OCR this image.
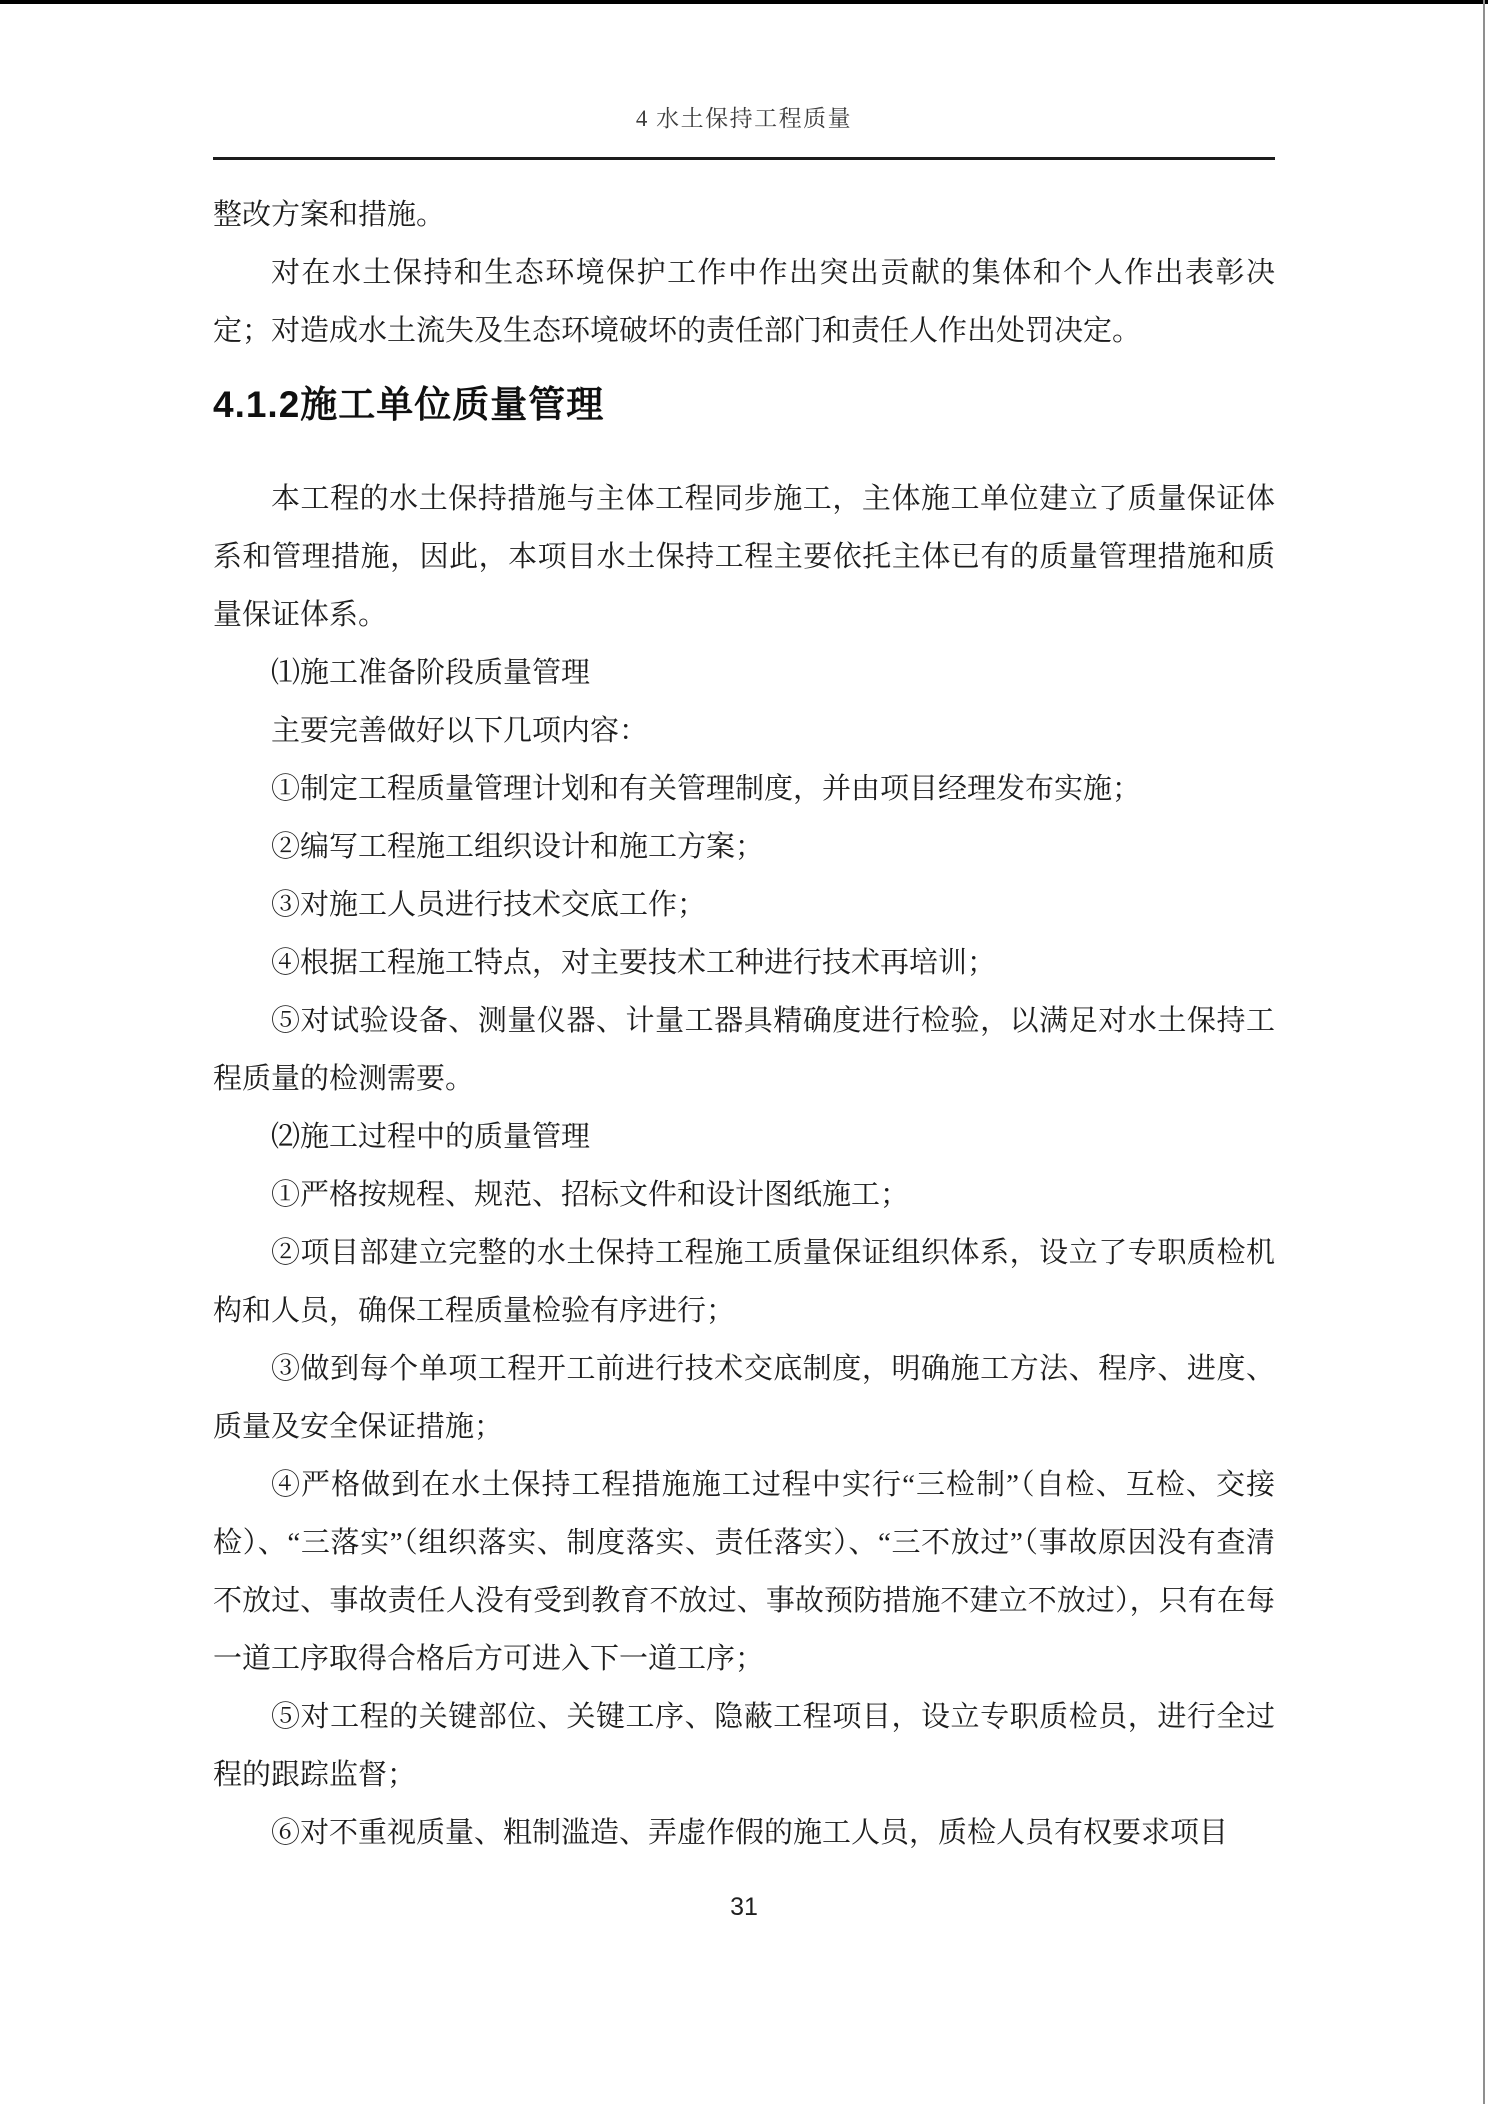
4 水土保持工程质量

整改方案和措施。

对在水土保持和生态环境保护工作中作出突出贡献的集体和个人作出表彰决定；对造成水土流失及生态环境破坏的责任部门和责任人作出处罚决定。

4.1.2施工单位质量管理

本工程的水土保持措施与主体工程同步施工，主体施工单位建立了质量保证体系和管理措施，因此，本项目水土保持工程主要依托主体已有的质量管理措施和质量保证体系。

⑴施工准备阶段质量管理

主要完善做好以下几项内容：

①制定工程质量管理计划和有关管理制度，并由项目经理发布实施；

②编写工程施工组织设计和施工方案；

③对施工人员进行技术交底工作；

④根据工程施工特点，对主要技术工种进行技术再培训；

⑤对试验设备、测量仪器、计量工器具精确度进行检验，以满足对水土保持工程质量的检测需要。

⑵施工过程中的质量管理

①严格按规程、规范、招标文件和设计图纸施工；

②项目部建立完整的水土保持工程施工质量保证组织体系，设立了专职质检机构和人员，确保工程质量检验有序进行；

③做到每个单项工程开工前进行技术交底制度，明确施工方法、程序、进度、质量及安全保证措施；

④严格做到在水土保持工程措施施工过程中实行“三检制”（自检、互检、交接检）、“三落实”（组织落实、制度落实、责任落实）、“三不放过”（事故原因没有查清不放过、事故责任人没有受到教育不放过、事故预防措施不建立不放过），只有在每一道工序取得合格后方可进入下一道工序；

⑤对工程的关键部位、关键工序、隐蔽工程项目，设立专职质检员，进行全过程的跟踪监督；

⑥对不重视质量、粗制滥造、弄虚作假的施工人员，质检人员有权要求项目

31
